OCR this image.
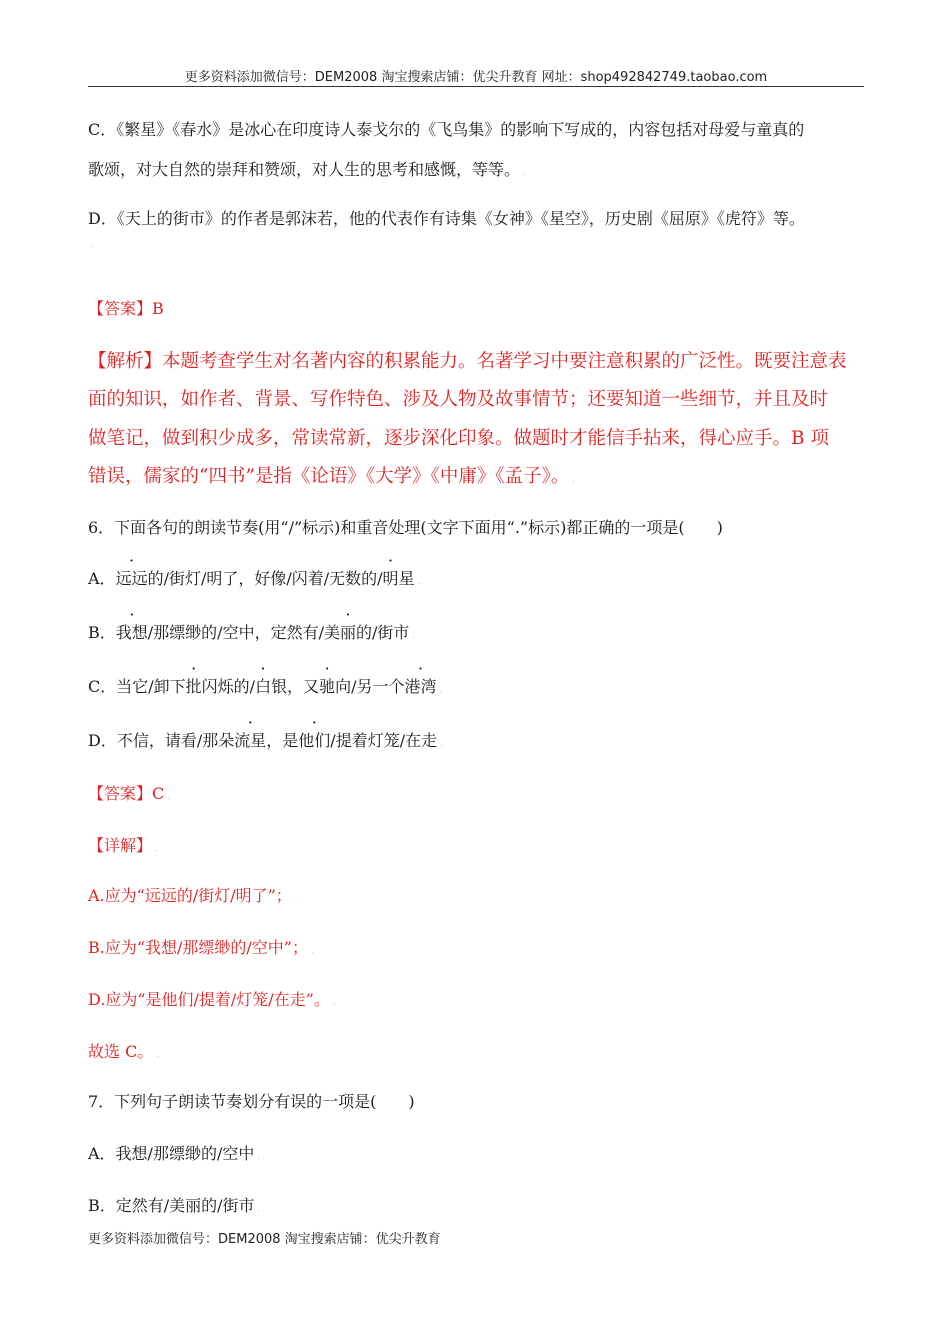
更多资料添加微信号：DEM2008 淘宝搜索店铺：优尖升教育 网址：shop492842749.taobao.com
C．《繁星》《春水》是冰心在印度诗人泰戈尔的《飞鸟集》的影响下写成的，内容包括对母爱与童真的
歌颂，对大自然的崇拜和赞颂，对人生的思考和感慨，等等。 .
D．《天上的街市》的作者是郭沫若，他的代表作有诗集《女神》《星空》，历史剧《屈原》《虎符》等。
.
【答案】B .
【解析】本题考查学生对名著内容的积累能力。名著学习中要注意积累的广泛性。既要注意表
面的知识，如作者、背景、写作特色、涉及人物及故事情节；还要知道一些细节，并且及时
做笔记，做到积少成多，常读常新，逐步深化印象。做题时才能信手拈来，得心应手。B 项
错误，儒家的“四书”是指《论语》《大学》《中庸》《孟子》。 .
6．下面各句的朗读节奏(用“/”标示)和重音处理(文字下面用“.”标示)都正确的一项是(　　)
A．远远的/街灯/明了，好像/闪着/无数的/明星 .
B．我想/那缥缈的/空中，定然有/美丽的/街市 .
C．当它/· 卸下批闪烁的/白银，又驰向/另一个港湾 .
D．不信，请看/那朵流星，是他们/提着灯笼/在走 .
【答案】C .
【详解】 .
A.应为“远远的/街灯/明了”； .
B.应为“我想/那缥缈的/空中”； .
D.应为“是他们/提着/灯笼/在走”。 .
故选 C。 .
7．下列句子朗读节奏划分有误的一项是(　　)
A．我想/那缥缈的/空中 .
B．定然有/美丽的/街市 .
更多资料添加微信号：DEM2008 淘宝搜索店铺：优尖升教育
